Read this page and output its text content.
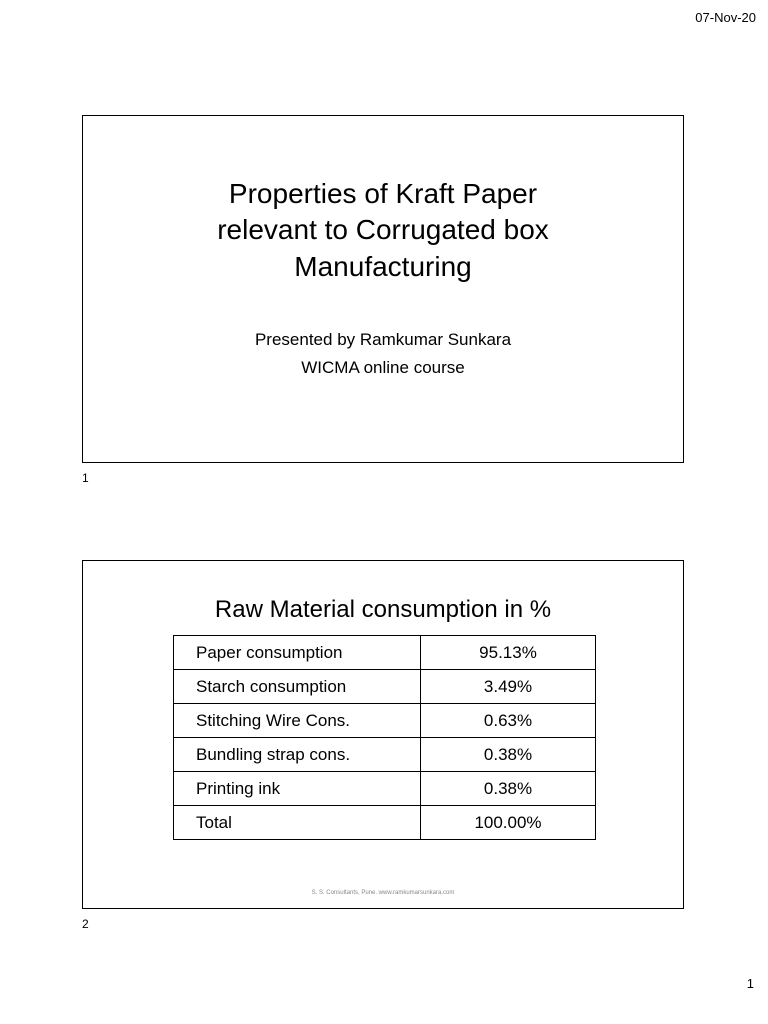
07-Nov-20
Properties of Kraft Paper
relevant to Corrugated box
Manufacturing
Presented by Ramkumar Sunkara
WICMA online course
1
Raw Material consumption in %
Paper consumption	95.13%
Starch consumption	3.49%
Stitching Wire Cons.	0.63%
Bundling strap cons.	0.38%
Printing ink	0.38%
Total	100.00%
S. S. Consultants, Pune. www.ramkumarsunkara.com
2
1
